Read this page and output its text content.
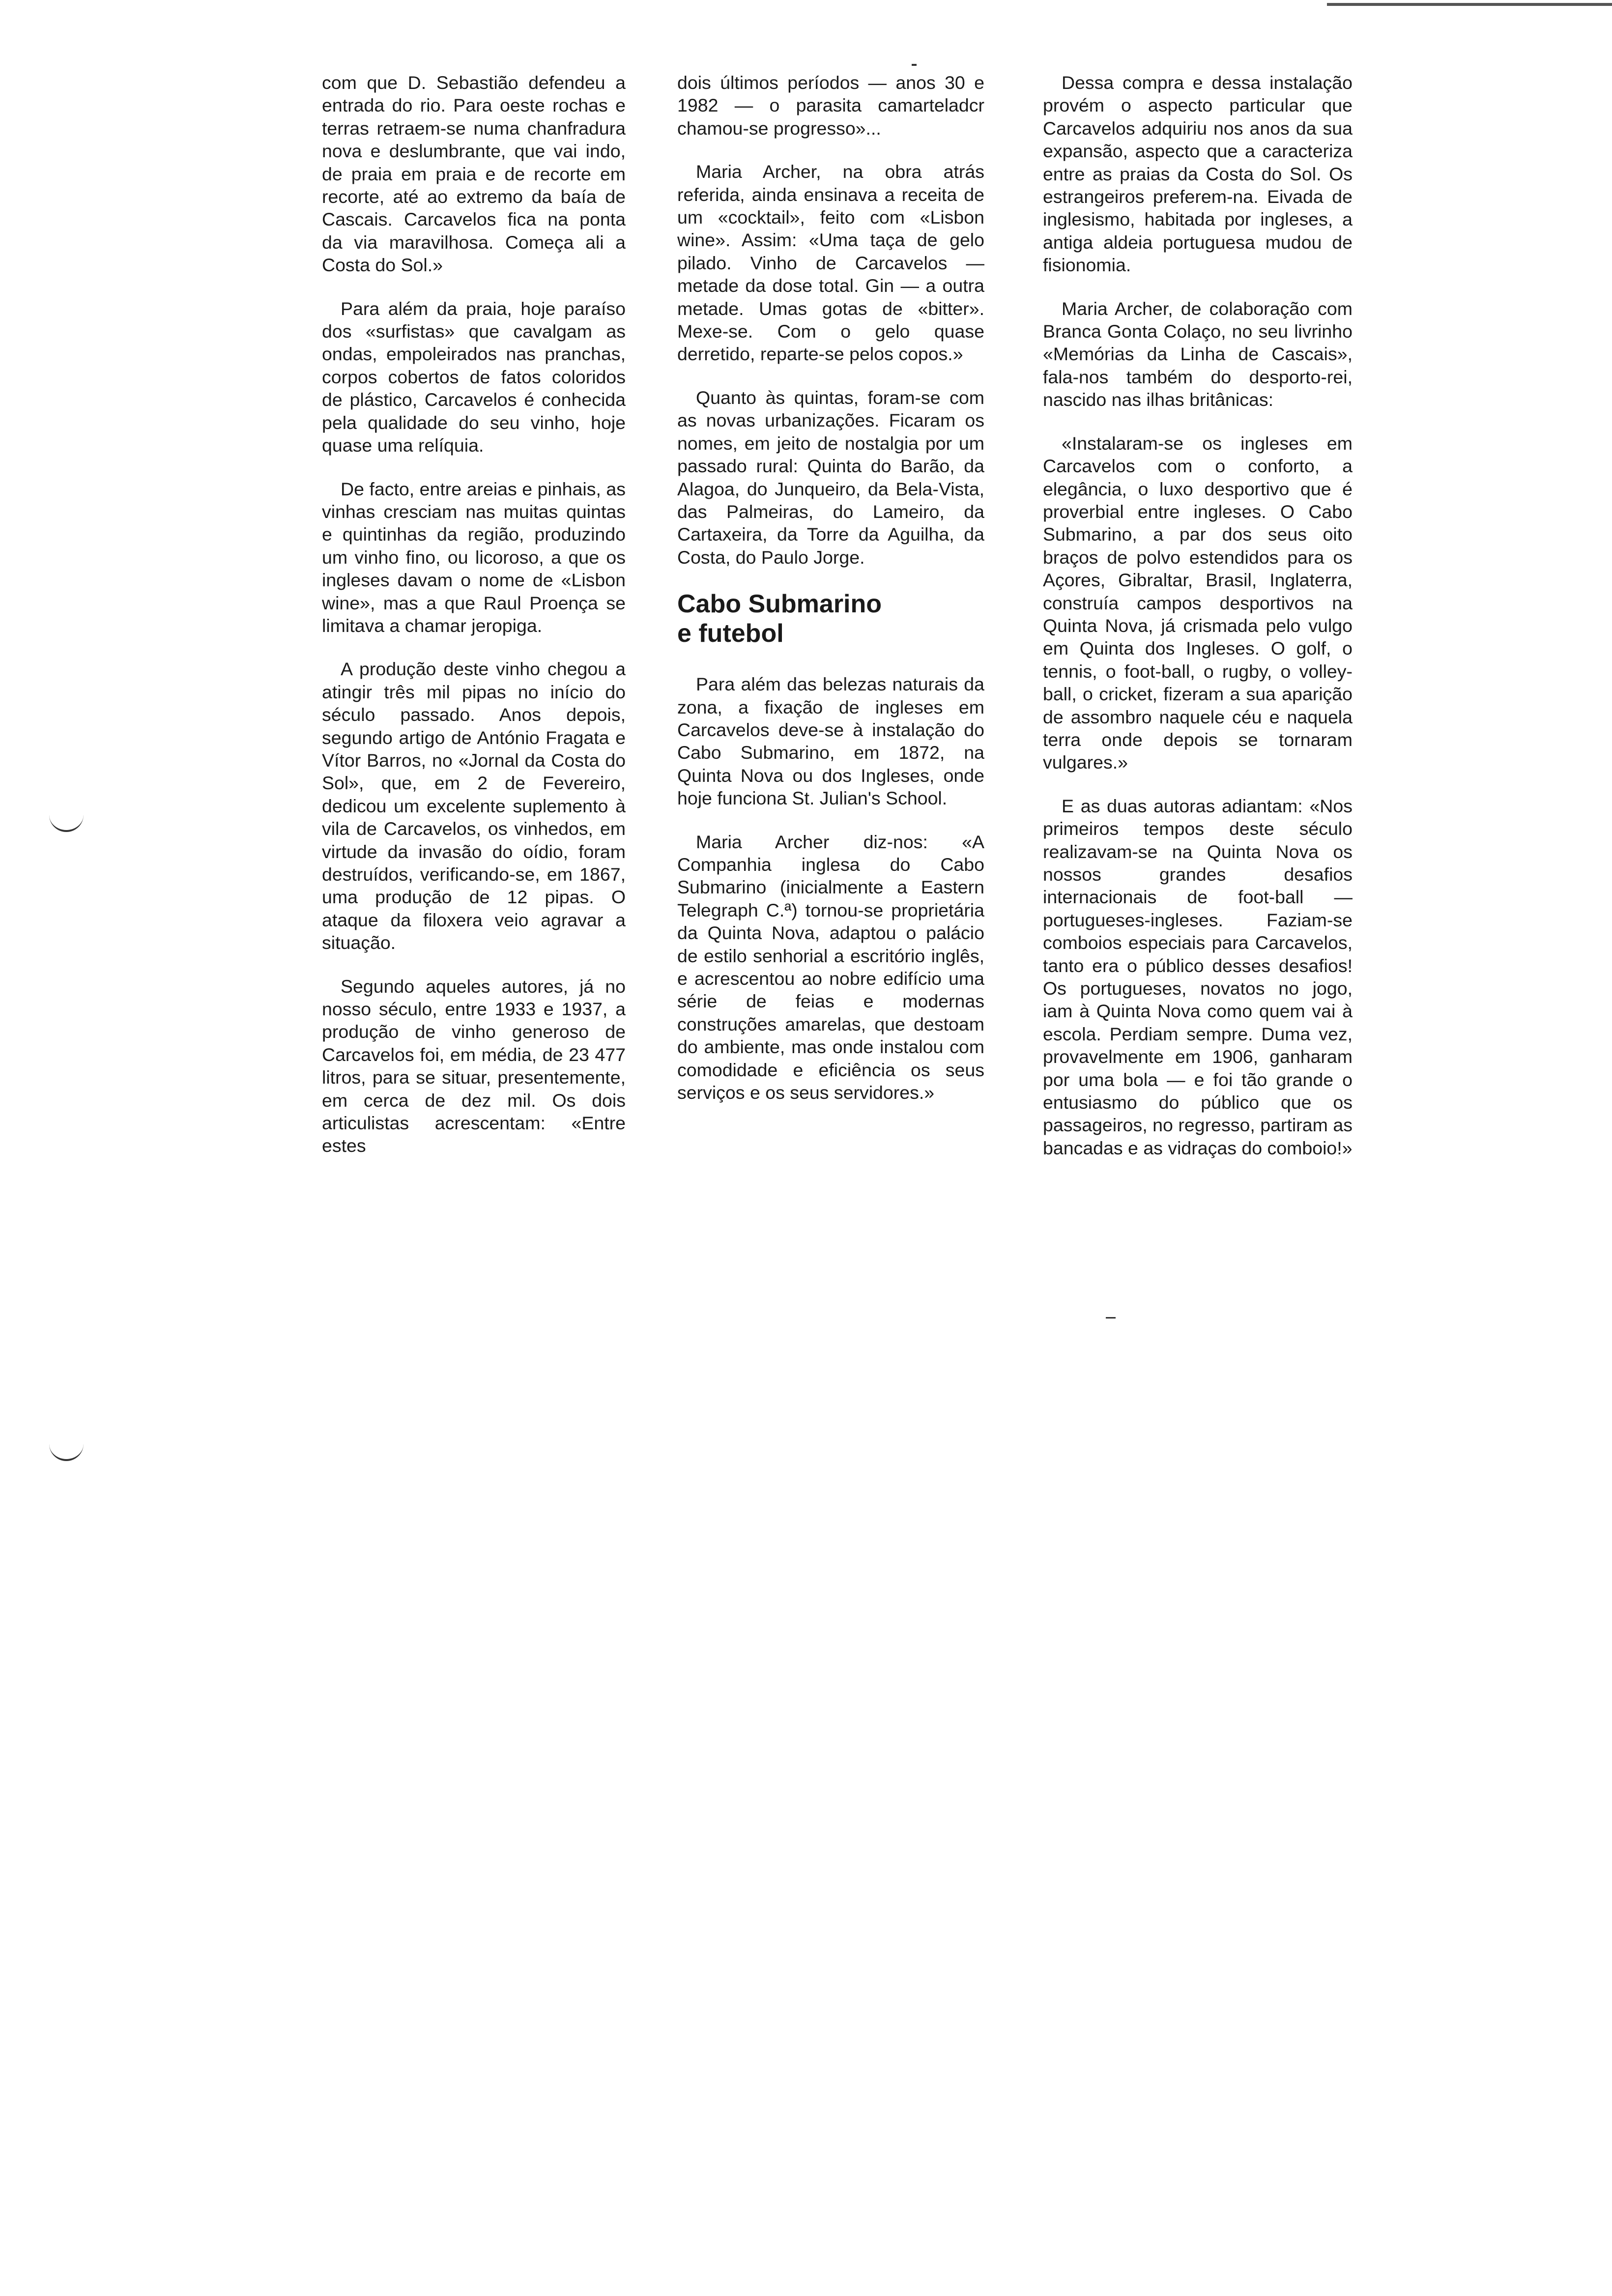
com que D. Sebastião defendeu a entrada do rio. Para oeste rochas e terras retraem-se numa chanfradura nova e deslumbrante, que vai indo, de praia em praia e de recorte em recorte, até ao extremo da baía de Cascais. Carcavelos fica na ponta da via maravilhosa. Começa ali a Costa do Sol.»

Para além da praia, hoje paraíso dos «surfistas» que cavalgam as ondas, empoleirados nas pranchas, corpos cobertos de fatos coloridos de plástico, Carcavelos é conhecida pela qualidade do seu vinho, hoje quase uma relíquia.

De facto, entre areias e pinhais, as vinhas cresciam nas muitas quintas e quintinhas da região, produzindo um vinho fino, ou licoroso, a que os ingleses davam o nome de «Lisbon wine», mas a que Raul Proença se limitava a chamar jeropiga.

A produção deste vinho chegou a atingir três mil pipas no início do século passado. Anos depois, segundo artigo de António Fragata e Vítor Barros, no «Jornal da Costa do Sol», que, em 2 de Fevereiro, dedicou um excelente suplemento à vila de Carcavelos, os vinhedos, em virtude da invasão do oídio, foram destruídos, verificando-se, em 1867, uma produção de 12 pipas. O ataque da filoxera veio agravar a situação.

Segundo aqueles autores, já no nosso século, entre 1933 e 1937, a produção de vinho generoso de Carcavelos foi, em média, de 23 477 litros, para se situar, presentemente, em cerca de dez mil. Os dois articulistas acrescentam: «Entre estes

dois últimos períodos — anos 30 e 1982 — o parasita camarteladcr chamou-se progresso»...

Maria Archer, na obra atrás referida, ainda ensinava a receita de um «cocktail», feito com «Lisbon wine». Assim: «Uma taça de gelo pilado. Vinho de Carcavelos — metade da dose total. Gin — a outra metade. Umas gotas de «bitter». Mexe-se. Com o gelo quase derretido, reparte-se pelos copos.»

Quanto às quintas, foram-se com as novas urbanizações. Ficaram os nomes, em jeito de nostalgia por um passado rural: Quinta do Barão, da Alagoa, do Junqueiro, da Bela-Vista, das Palmeiras, do Lameiro, da Cartaxeira, da Torre da Aguilha, da Costa, do Paulo Jorge.

Cabo Submarino
e futebol

Para além das belezas naturais da zona, a fixação de ingleses em Carcavelos deve-se à instalação do Cabo Submarino, em 1872, na Quinta Nova ou dos Ingleses, onde hoje funciona St. Julian's School.

Maria Archer diz-nos: «A Companhia inglesa do Cabo Submarino (inicialmente a Eastern Telegraph C.ª) tornou-se proprietária da Quinta Nova, adaptou o palácio de estilo senhorial a escritório inglês, e acrescentou ao nobre edifício uma série de feias e modernas construções amarelas, que destoam do ambiente, mas onde instalou com comodidade e eficiência os seus serviços e os seus servidores.»

Dessa compra e dessa instalação provém o aspecto particular que Carcavelos adquiriu nos anos da sua expansão, aspecto que a caracteriza entre as praias da Costa do Sol. Os estrangeiros preferem-na. Eivada de inglesismo, habitada por ingleses, a antiga aldeia portuguesa mudou de fisionomia.

Maria Archer, de colaboração com Branca Gonta Colaço, no seu livrinho «Memórias da Linha de Cascais», fala-nos também do desporto-rei, nascido nas ilhas britânicas:

«Instalaram-se os ingleses em Carcavelos com o conforto, a elegância, o luxo desportivo que é proverbial entre ingleses. O Cabo Submarino, a par dos seus oito braços de polvo estendidos para os Açores, Gibraltar, Brasil, Inglaterra, construía campos desportivos na Quinta Nova, já crismada pelo vulgo em Quinta dos Ingleses. O golf, o tennis, o foot-ball, o rugby, o volley-ball, o cricket, fizeram a sua aparição de assombro naquele céu e naquela terra onde depois se tornaram vulgares.»

E as duas autoras adiantam: «Nos primeiros tempos deste século realizavam-se na Quinta Nova os nossos grandes desafios internacionais de foot-ball — portugueses-ingleses. Faziam-se comboios especiais para Carcavelos, tanto era o público desses desafios! Os portugueses, novatos no jogo, iam à Quinta Nova como quem vai à escola. Perdiam sempre. Duma vez, provavelmente em 1906, ganharam por uma bola — e foi tão grande o entusiasmo do público que os passageiros, no regresso, partiram as bancadas e as vidraças do comboio!»
